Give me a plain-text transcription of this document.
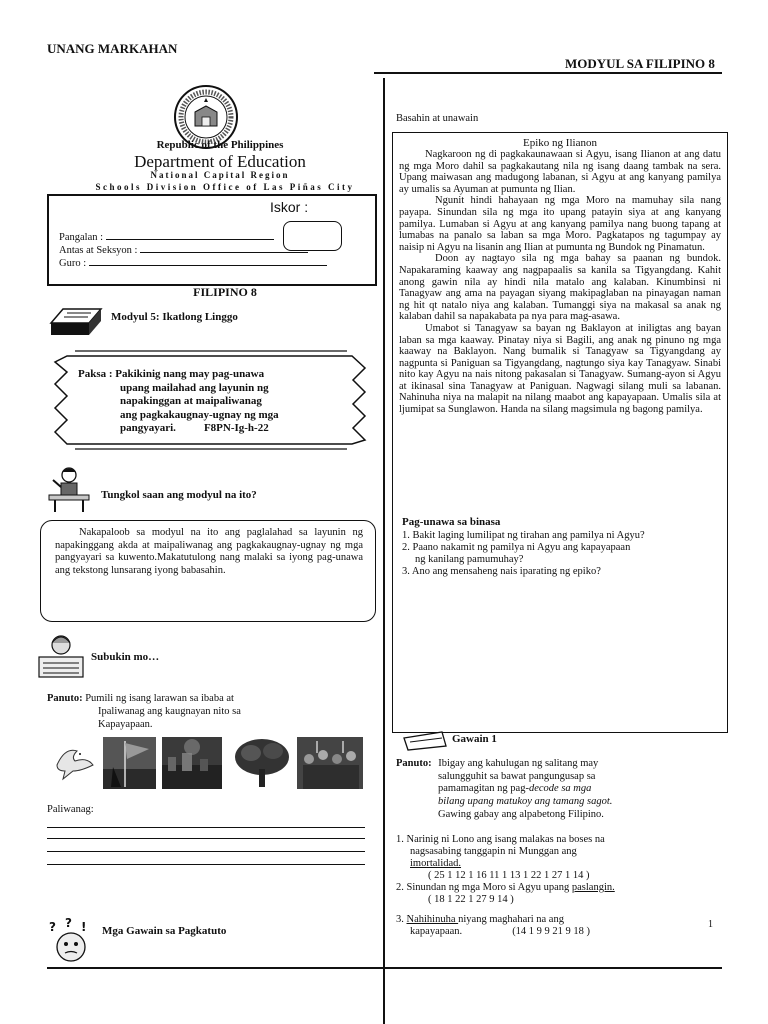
UNANG MARKAHAN
MODYUL SA FILIPINO 8
Republic of the Philippines
Department of Education
National Capital Region
Schools Division Office of Las Piñas City
Iskor :
Pangalan :
Antas at Seksyon :
Guro :
FILIPINO 8
Modyul 5: Ikatlong Linggo
Paksa : Pakikinig nang may pag-unawa
upang mailahad ang layunin ng
napakinggan at maipaliwanag
ang pagkakaugnay-ugnay ng mga
pangyayari.	F8PN-Ig-h-22
Tungkol saan ang modyul na ito?
Nakapaloob sa modyul na ito ang paglalahad sa layunin ng napakinggang akda at maipaliwanag ang pagkakaugnay-ugnay ng mga pangyayari sa kuwento.Makatutulong nang malaki sa iyong pag-unawa ang tekstong lunsarang iyong babasahin.
Subukin mo…
Panuto: Pumili ng isang larawan sa ibaba at
Ipaliwanag ang kaugnayan nito sa
Kapayapaan.
Paliwanag:
? ? ! Mga Gawain sa Pagkatuto
Basahin at unawain
Epiko ng Ilianon

Nagkaroon ng di pagkakaunawaan si Agyu, isang Ilianon at ang datu ng mga Moro dahil sa pagkakautang nila ng isang daang tambak na sera. Upang maiwasan ang madugong labanan, si Agyu at ang kanyang pamilya ay umalis sa Ayuman at pumunta ng Ilian.

Ngunit hindi hahayaan ng mga Moro na mamuhay sila nang payapa. Sinundan sila ng mga ito upang patayin siya at ang kanyang pamilya. Lumaban si Agyu at ang kanyang pamilya nang buong tapang at lumabas na panalo sa laban sa mga Moro. Pagkatapos ng tagumpay ay naisip ni Agyu na lisanin ang Ilian at pumunta ng Bundok ng Pinamatun.

Doon ay nagtayo sila ng mga bahay sa paanan ng bundok. Napakaraming kaaway ang nagpapaalis sa kanila sa Tigyangdang. Kahit anong gawin nila ay hindi nila matalo ang kalaban. Kinumbinsi ni Tanagyaw ang ama na payagan siyang makipaglaban na pinayagan naman ng hit qt natalo niya ang kalaban. Tumanggi siya na makasal sa anak ng kalaban dahil sa napakabata pa nya para mag-asawa.

Umabot si Tanagyaw sa bayan ng Baklayon at iniligtas ang bayan laban sa mga kaaway. Pinatay niya si Bagili, ang anak ng pinuno ng mga kaaway na Baklayon. Nang bumalik si Tanagyaw sa Tigyangdang ay nagpunta si Paniguan sa Tigyangdang, nagtungo siya kay Tanagyaw. Sinabi nito kay Agyu na nais nitong pakasalan si Tanagyaw. Sumang-ayon si Agyu at ikinasal sina Tanagyaw at Paniguan. Nagwagi silang muli sa labanan. Nahinuha niya na malapit na nilang maabot ang kapayapaan. Umalis sila at ljumipat sa Sunglawon. Handa na silang magsimula ng bagong pamilya.

Pag-unawa sa binasa
1. Bakit laging lumilipat ng tirahan ang pamilya ni Agyu?
2. Paano nakamit ng pamilya ni Agyu ang kapayapaan ng kanilang pamumuhay?
3. Ano ang mensaheng nais iparating ng epiko?
Gawain 1
Panuto: Ibigay ang kahulugan ng salitang may
salungguhit sa bawat pangungusap sa
pamamagitan ng pag-decode sa mga
bilang upang matukoy ang tamang sagot.
Gawing gabay ang alpabetong Filipino.
1. Narinig ni Lono ang isang malakas na boses na
nagsasabing tanggapin ni Munggan ang
imortalidad.
( 25 1 12 1 16 11 1 13 1 22 1 27 1 14 )
2. Sinundan ng mga Moro si Agyu upang paslangin.
( 18 1 22 1 27 9 14 )
3. Nahihinuha niyang maghahari na ang
kapayapaan.	(14 1 9 9 21 9 18 )
1
